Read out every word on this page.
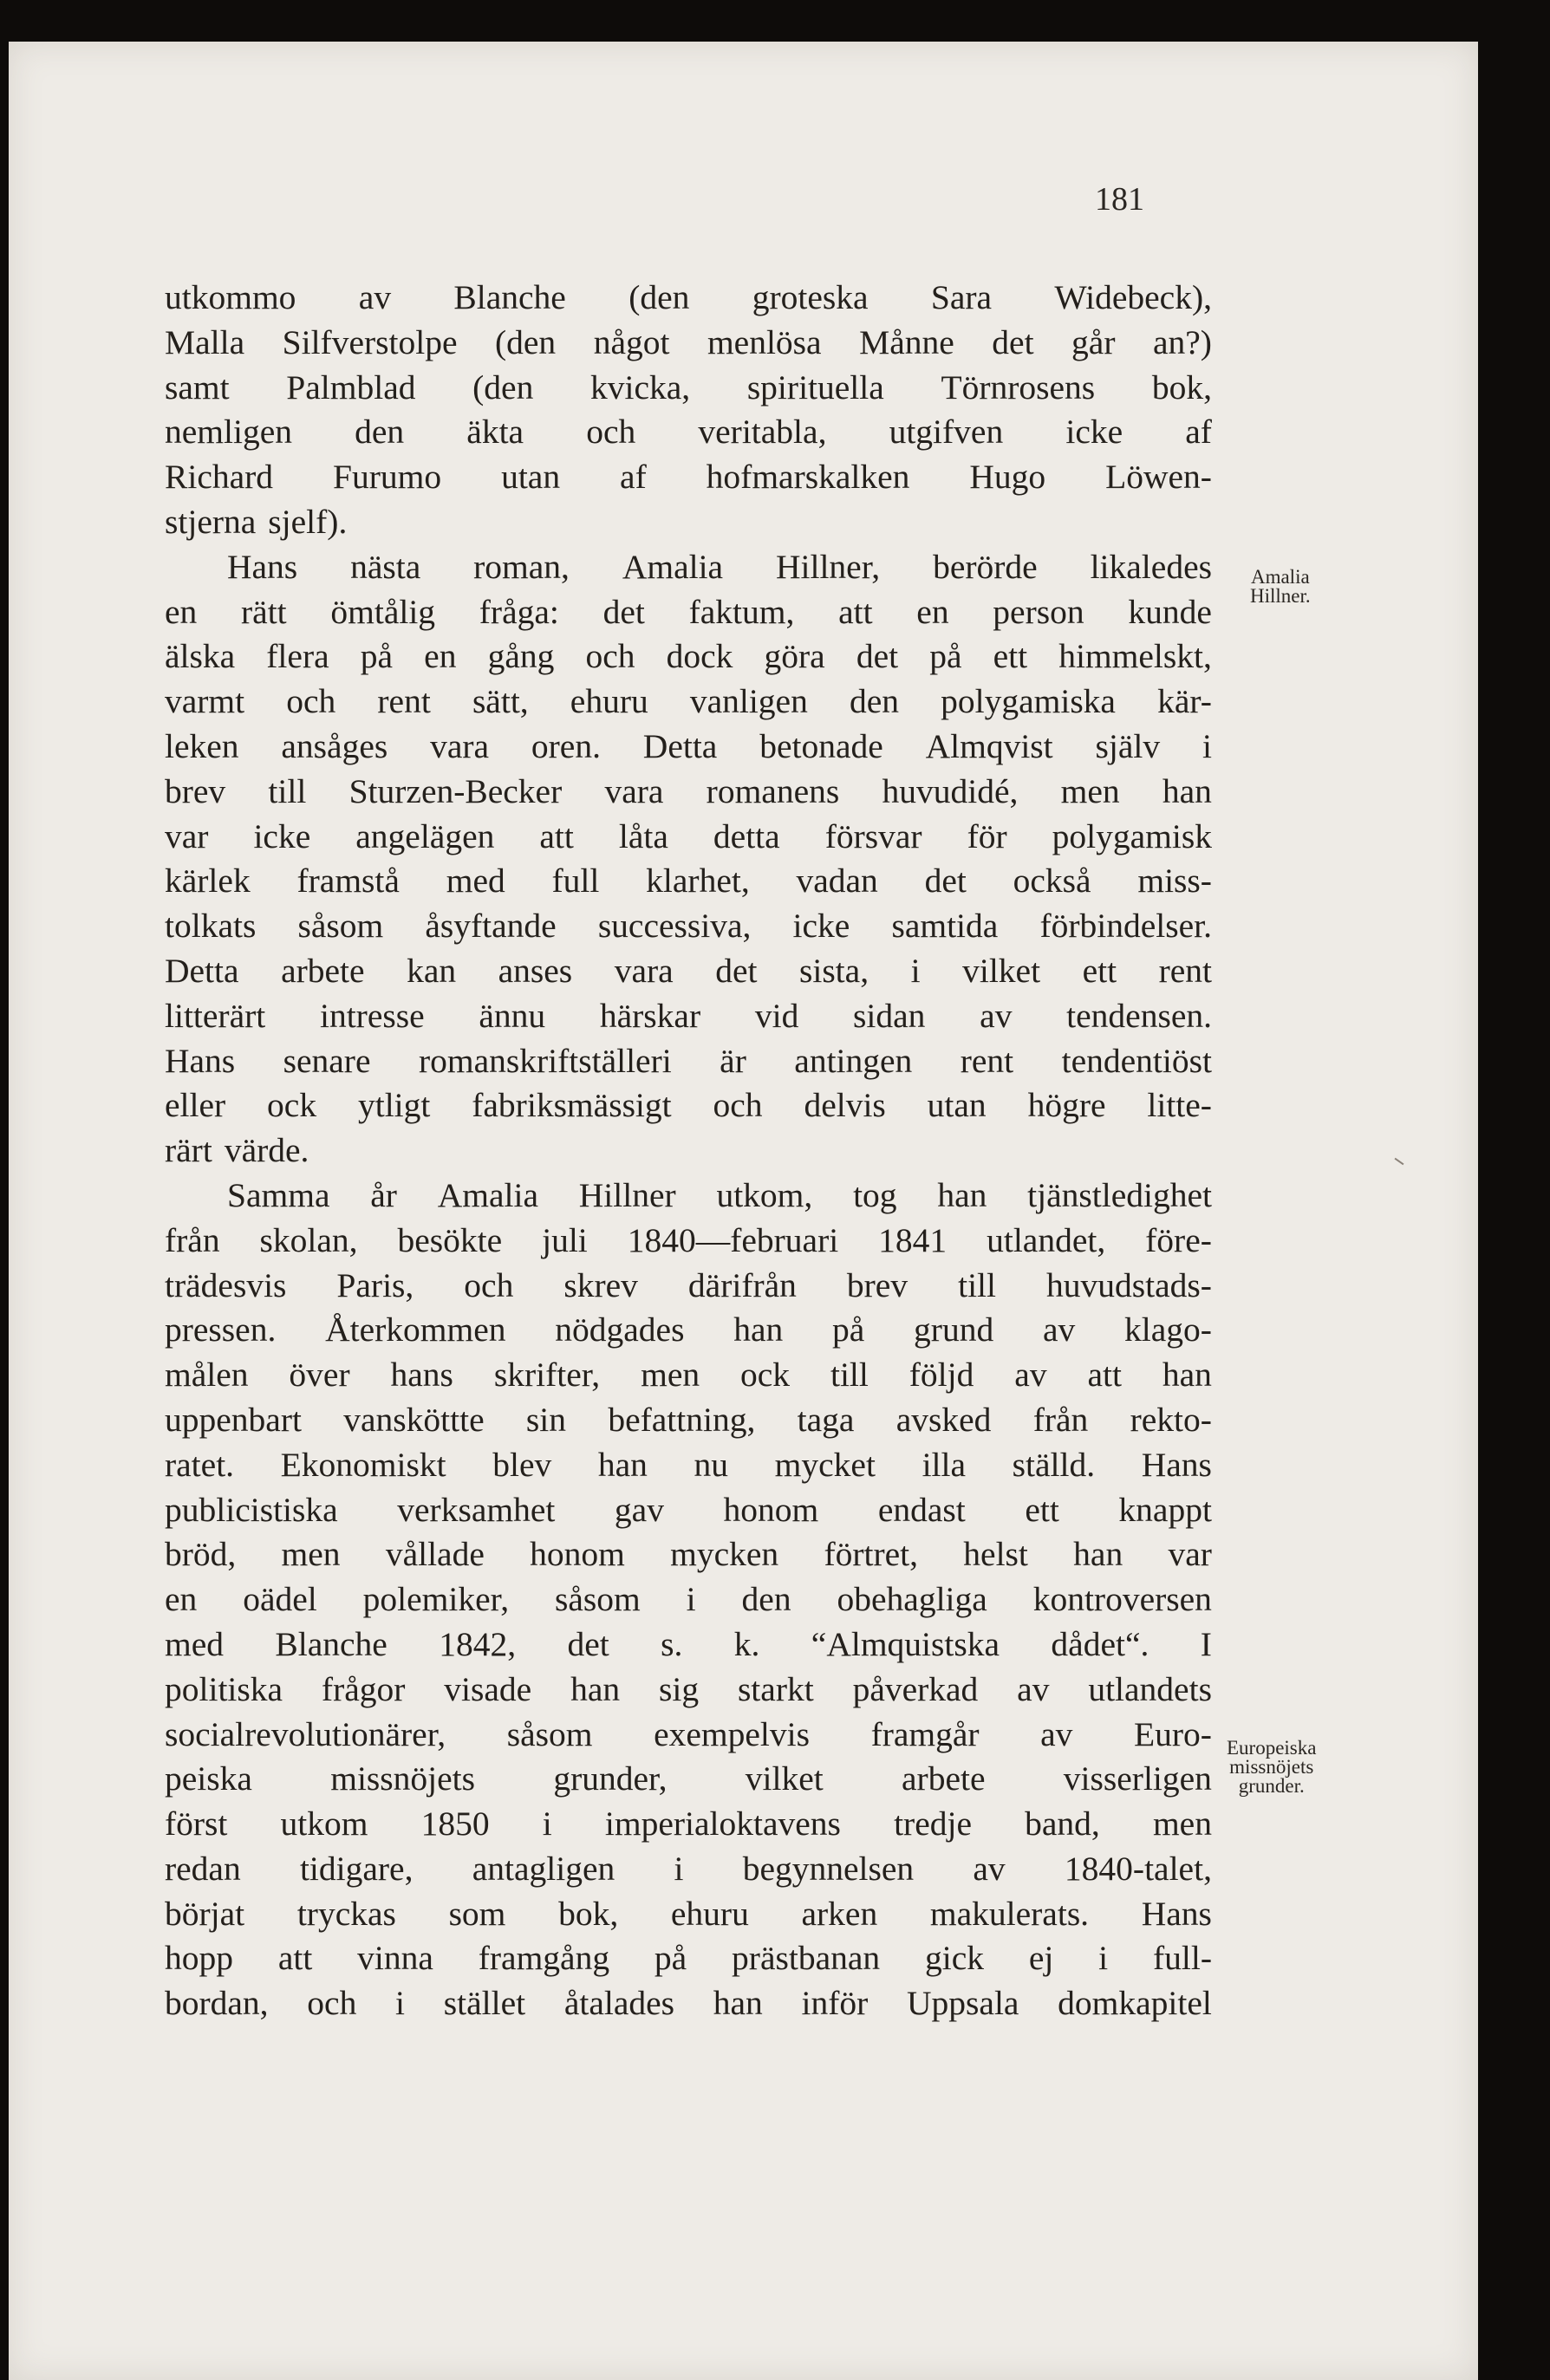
181
utkommo av Blanche (den groteska Sara Widebeck),
Malla Silfverstolpe (den något menlösa Månne det går an?)
samt Palmblad (den kvicka, spirituella Törnrosens bok,
nemligen den äkta och veritabla, utgifven icke af
Richard Furumo utan af hofmarskalken Hugo Löwen-
stjerna sjelf).
Hans nästa roman, Amalia Hillner, berörde likaledes
en rätt ömtålig fråga: det faktum, att en person kunde
älska flera på en gång och dock göra det på ett himmelskt,
varmt och rent sätt, ehuru vanligen den polygamiska kär-
leken ansåges vara oren. Detta betonade Almqvist själv i
brev till Sturzen-Becker vara romanens huvudidé, men han
var icke angelägen att låta detta försvar för polygamisk
kärlek framstå med full klarhet, vadan det också miss-
tolkats såsom åsyftande successiva, icke samtida förbindelser.
Detta arbete kan anses vara det sista, i vilket ett rent
litterärt intresse ännu härskar vid sidan av tendensen.
Hans senare romanskriftställeri är antingen rent tendentiöst
eller ock ytligt fabriksmässigt och delvis utan högre litte-
rärt värde.
Samma år Amalia Hillner utkom, tog han tjänstledighet
från skolan, besökte juli 1840—februari 1841 utlandet, före-
trädesvis Paris, och skrev därifrån brev till huvudstads-
pressen. Återkommen nödgades han på grund av klago-
målen över hans skrifter, men ock till följd av att han
uppenbart vansköttte sin befattning, taga avsked från rekto-
ratet. Ekonomiskt blev han nu mycket illa ställd. Hans
publicistiska verksamhet gav honom endast ett knappt
bröd, men vållade honom mycken förtret, helst han var
en oädel polemiker, såsom i den obehagliga kontroversen
med Blanche 1842, det s. k. “Almquistska dådet“. I
politiska frågor visade han sig starkt påverkad av utlandets
socialrevolutionärer, såsom exempelvis framgår av Euro-
peiska missnöjets grunder, vilket arbete visserligen
först utkom 1850 i imperialoktavens tredje band, men
redan tidigare, antagligen i begynnelsen av 1840-talet,
börjat tryckas som bok, ehuru arken makulerats. Hans
hopp att vinna framgång på prästbanan gick ej i full-
bordan, och i stället åtalades han inför Uppsala domkapitel
Amalia
Hillner.
Europeiska
missnöjets
grunder.
